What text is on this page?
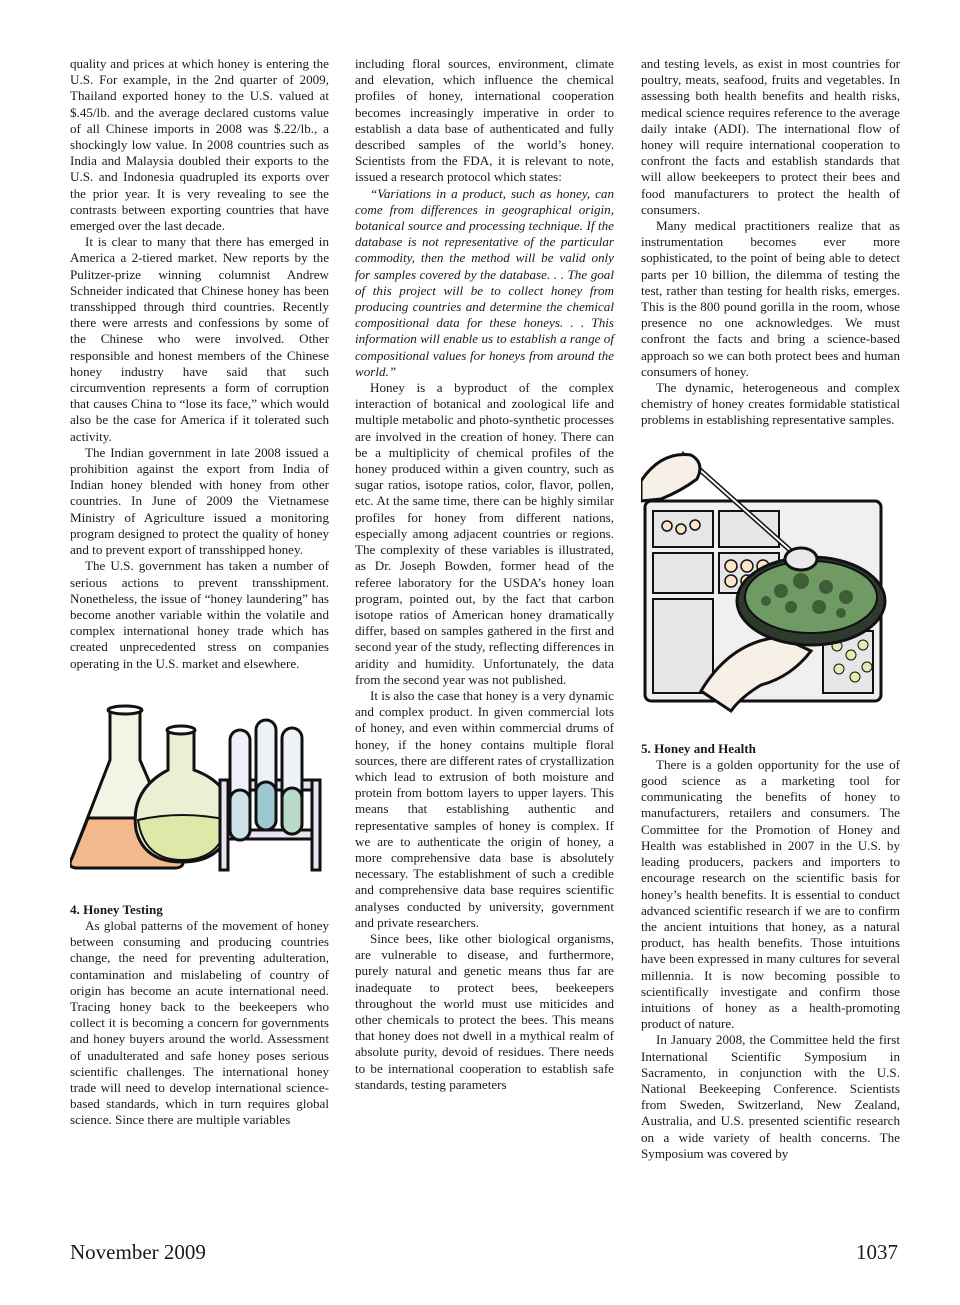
quality and prices at which honey is entering the U.S. For example, in the 2nd quarter of 2009, Thailand exported honey to the U.S. valued at $.45/lb. and the average declared customs value of all Chinese imports in 2008 was $.22/lb., a shockingly low value. In 2008 countries such as India and Malaysia doubled their exports to the U.S. and Indonesia quadrupled its exports over the prior year. It is very revealing to see the contrasts between exporting countries that have emerged over the last decade.

It is clear to many that there has emerged in America a 2-tiered market. New reports by the Pulitzer-prize winning columnist Andrew Schneider indicated that Chinese honey has been transshipped through third countries. Recently there were arrests and confessions by some of the Chinese who were involved. Other responsible and honest members of the Chinese honey industry have said that such circumvention represents a form of corruption that causes China to “lose its face,” which would also be the case for America if it tolerated such activity.

The Indian government in late 2008 issued a prohibition against the export from India of Indian honey blended with honey from other countries. In June of 2009 the Vietnamese Ministry of Agriculture issued a monitoring program designed to protect the quality of honey and to prevent export of transshipped honey.

The U.S. government has taken a number of serious actions to prevent transshipment. Nonetheless, the issue of “honey laundering” has become another variable within the volatile and complex international honey trade which has created unprecedented stress on companies operating in the U.S. market and elsewhere.

4. Honey Testing

As global patterns of the movement of honey between consuming and producing countries change, the need for preventing adulteration, contamination and mislabeling of country of origin has become an acute international need. Tracing honey back to the beekeepers who collect it is becoming a concern for governments and honey buyers around the world. Assessment of unadulterated and safe honey poses serious scientific challenges. The international honey trade will need to develop international science-based standards, which in turn requires global science. Since there are multiple variables

including floral sources, environment, climate and elevation, which influence the chemical profiles of honey, international cooperation becomes increasingly imperative in order to establish a data base of authenticated and fully described samples of the world’s honey. Scientists from the FDA, it is relevant to note, issued a research protocol which states:

“Variations in a product, such as honey, can come from differences in geographical origin, botanical source and processing technique. If the database is not representative of the particular commodity, then the method will be valid only for samples covered by the database. . . The goal of this project will be to collect honey from producing countries and determine the chemical compositional data for these honeys. . . This information will enable us to establish a range of compositional values for honeys from around the world.”

Honey is a byproduct of the complex interaction of botanical and zoological life and multiple metabolic and photo-synthetic processes are involved in the creation of honey. There can be a multiplicity of chemical profiles of the honey produced within a given country, such as sugar ratios, isotope ratios, color, flavor, pollen, etc. At the same time, there can be highly similar profiles for honey from different nations, especially among adjacent countries or regions. The complexity of these variables is illustrated, as Dr. Joseph Bowden, former head of the referee laboratory for the USDA’s honey loan program, pointed out, by the fact that carbon isotope ratios of American honey dramatically differ, based on samples gathered in the first and second year of the study, reflecting differences in aridity and humidity. Unfortunately, the data from the second year was not published.

It is also the case that honey is a very dynamic and complex product. In given commercial lots of honey, and even within commercial drums of honey, if the honey contains multiple floral sources, there are different rates of crystallization which lead to extrusion of both moisture and protein from bottom layers to upper layers. This means that establishing authentic and representative samples of honey is complex. If we are to authenticate the origin of honey, a more comprehensive data base is absolutely necessary. The establishment of such a credible and comprehensive data base requires scientific analyses conducted by university, government and private researchers.

Since bees, like other biological organisms, are vulnerable to disease, and furthermore, purely natural and genetic means thus far are inadequate to protect bees, beekeepers throughout the world must use miticides and other chemicals to protect the bees. This means that honey does not dwell in a mythical realm of absolute purity, devoid of residues. There needs to be international cooperation to establish safe standards, testing parameters

and testing levels, as exist in most countries for poultry, meats, seafood, fruits and vegetables. In assessing both health benefits and health risks, medical science requires reference to the average daily intake (ADI). The international flow of honey will require international cooperation to confront the facts and establish standards that will allow beekeepers to protect their bees and food manufacturers to protect the health of consumers.

Many medical practitioners realize that as instrumentation becomes ever more sophisticated, to the point of being able to detect parts per 10 billion, the dilemma of testing the test, rather than testing for health risks, emerges. This is the 800 pound gorilla in the room, whose presence no one acknowledges. We must confront the facts and bring a science-based approach so we can both protect bees and human consumers of honey.

The dynamic, heterogeneous and complex chemistry of honey creates formidable statistical problems in establishing representative samples.

5. Honey and Health

There is a golden opportunity for the use of good science as a marketing tool for communicating the benefits of honey to manufacturers, retailers and consumers. The Committee for the Promotion of Honey and Health was established in 2007 in the U.S. by leading producers, packers and importers to encourage research on the scientific basis for honey’s health benefits. It is essential to conduct advanced scientific research if we are to confirm the ancient intuitions that honey, as a natural product, has health benefits. Those intuitions have been expressed in many cultures for several millennia. It is now becoming possible to scientifically investigate and confirm those intuitions of honey as a health-promoting product of nature.

In January 2008, the Committee held the first International Scientific Symposium in Sacramento, in conjunction with the U.S. National Beekeeping Conference. Scientists from Sweden, Switzerland, New Zealand, Australia, and U.S. presented scientific research on a wide variety of health concerns. The Symposium was covered by

November 2009	1037
